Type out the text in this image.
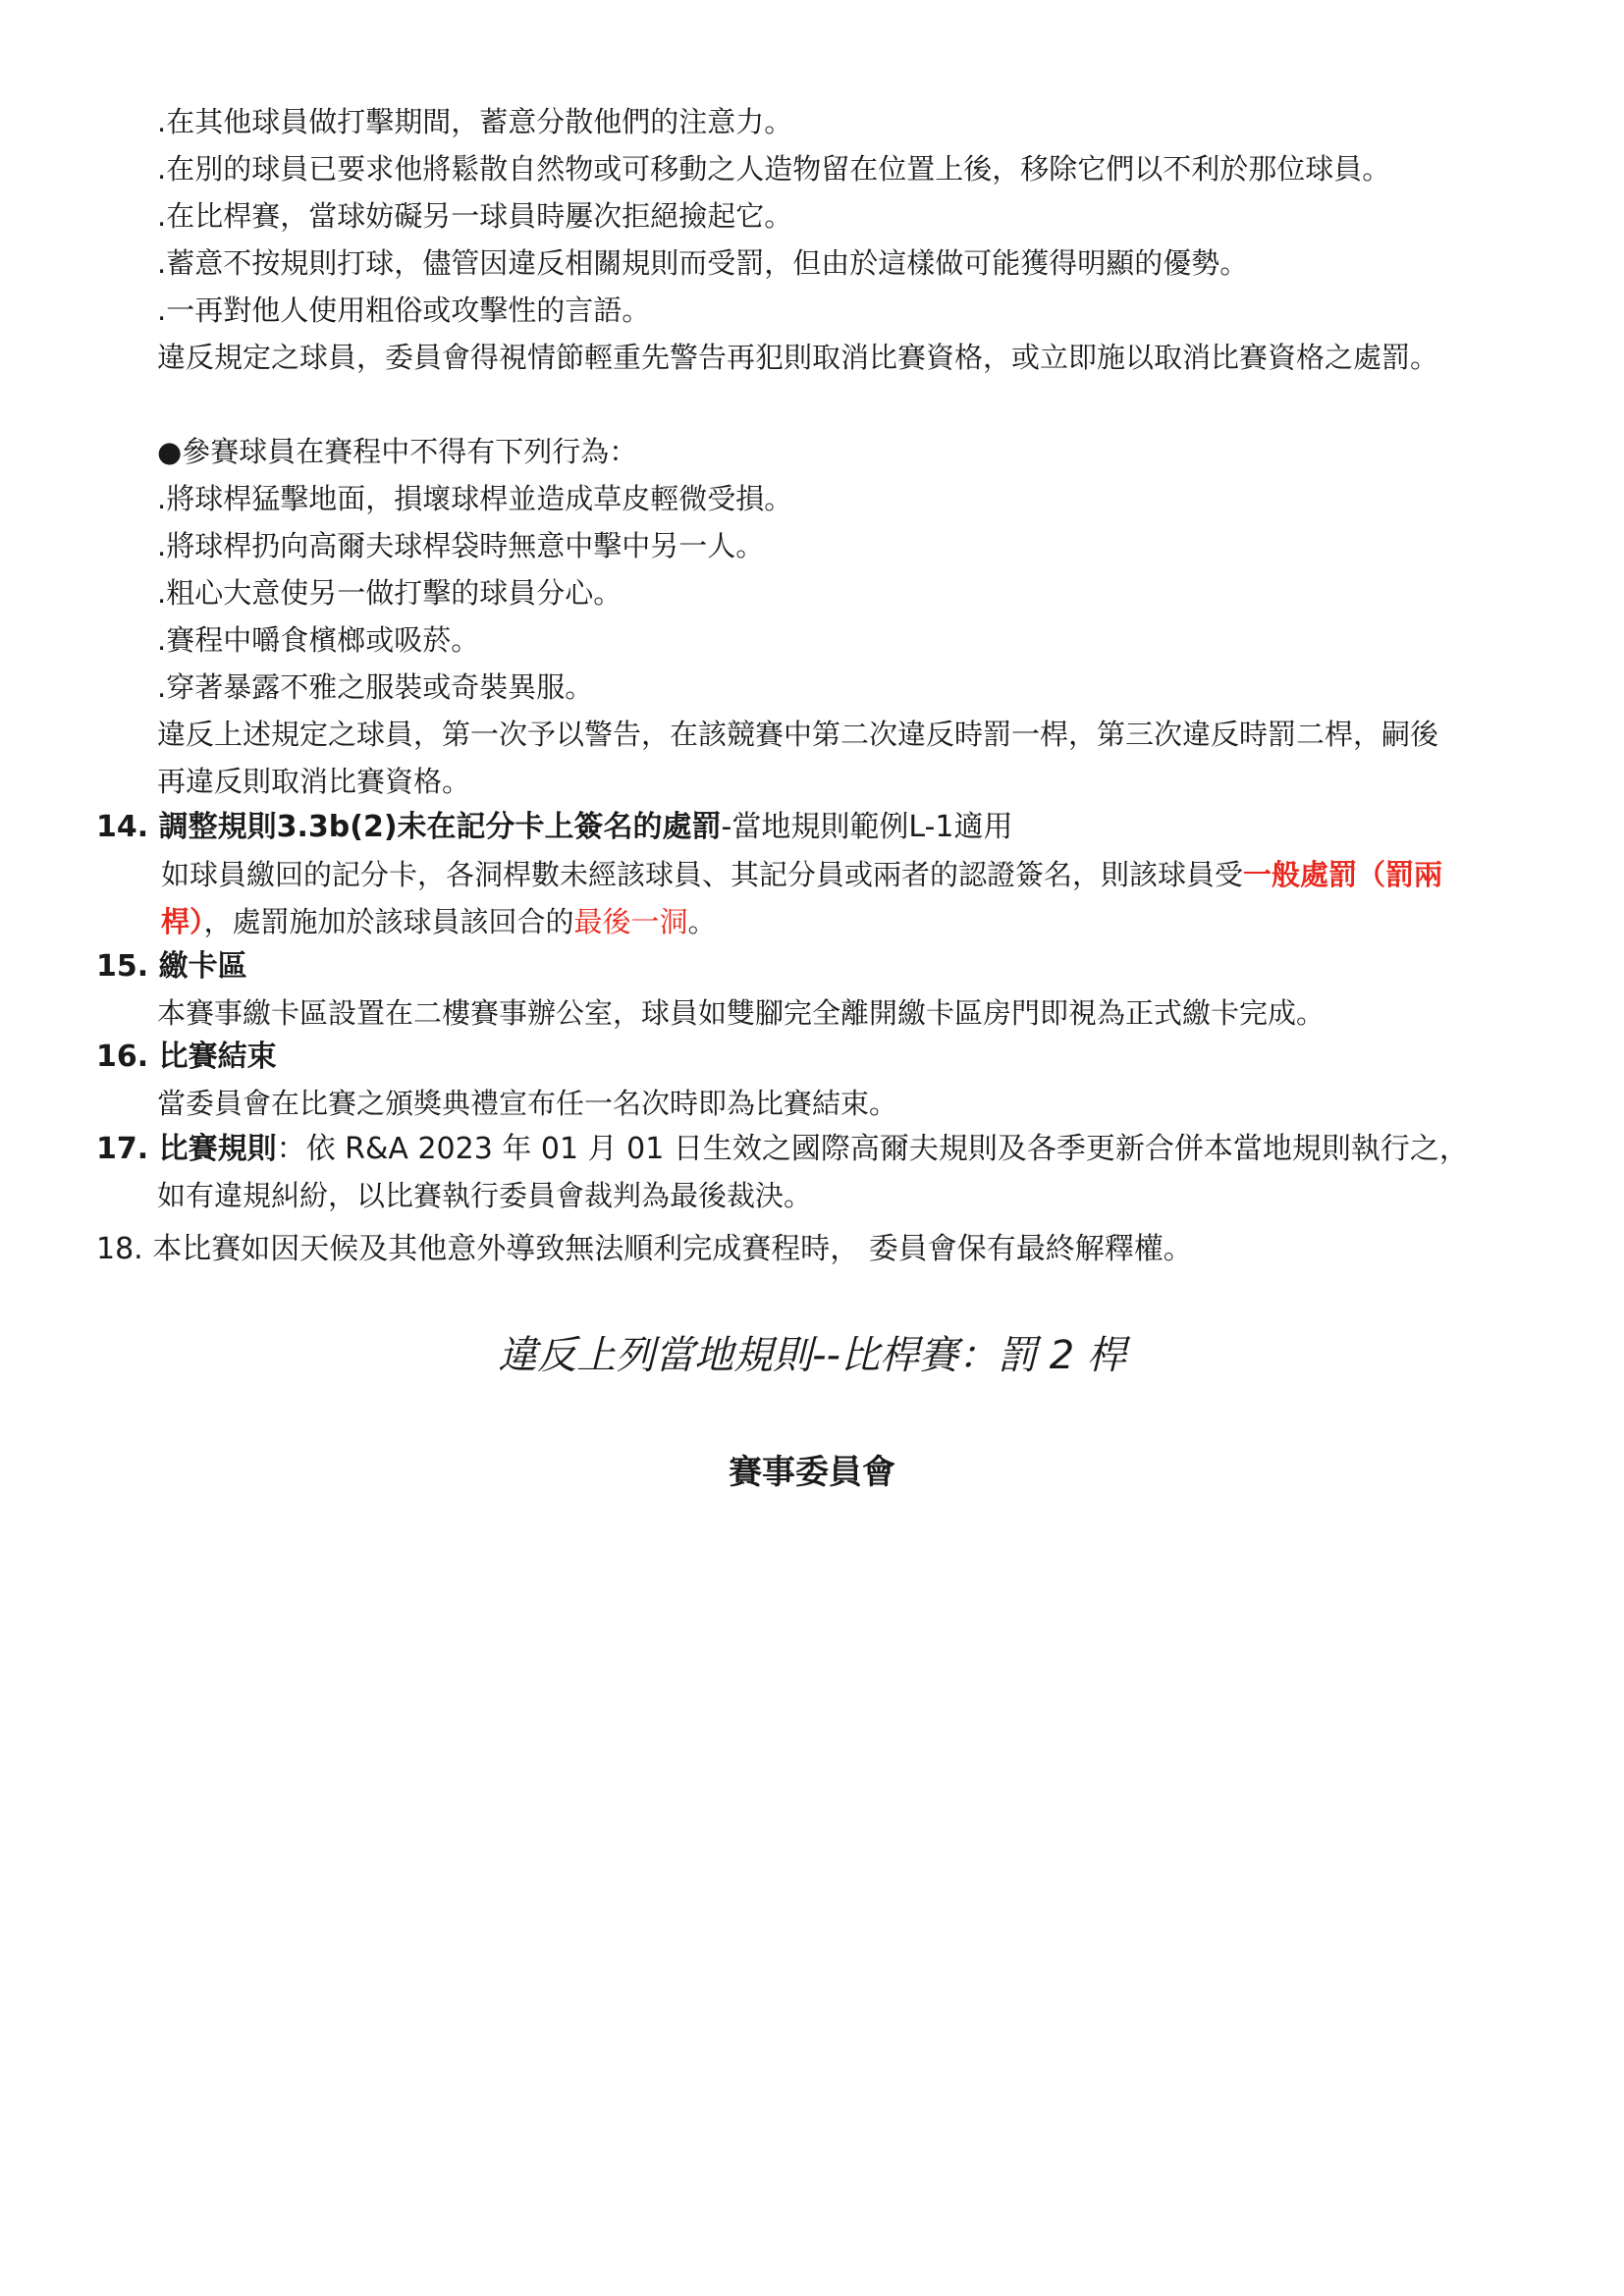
.在其他球員做打擊期間，蓄意分散他們的注意力。

.在別的球員已要求他將鬆散自然物或可移動之人造物留在位置上後，移除它們以不利於那位球員。

.在比桿賽，當球妨礙另一球員時屢次拒絕撿起它。

.蓄意不按規則打球，儘管因違反相關規則而受罰，但由於這樣做可能獲得明顯的優勢。

.一再對他人使用粗俗或攻擊性的言語。

違反規定之球員，委員會得視情節輕重先警告再犯則取消比賽資格，或立即施以取消比賽資格之處罰。

●參賽球員在賽程中不得有下列行為：

.將球桿猛擊地面，損壞球桿並造成草皮輕微受損。

.將球桿扔向高爾夫球桿袋時無意中擊中另一人。

.粗心大意使另一做打擊的球員分心。

.賽程中嚼食檳榔或吸菸。

.穿著暴露不雅之服裝或奇裝異服。

違反上述規定之球員，第一次予以警告，在該競賽中第二次違反時罰一桿，第三次違反時罰二桿，嗣後

再違反則取消比賽資格。

14. 調整規則3.3b(2)未在記分卡上簽名的處罰-當地規則範例L-1適用

如球員繳回的記分卡，各洞桿數未經該球員、其記分員或兩者的認證簽名，則該球員受一般處罰（罰兩

桿），處罰施加於該球員該回合的最後一洞。

15. 繳卡區

本賽事繳卡區設置在二樓賽事辦公室，球員如雙腳完全離開繳卡區房門即視為正式繳卡完成。

16. 比賽結束

當委員會在比賽之頒獎典禮宣布任一名次時即為比賽結束。

17. 比賽規則：依 R&A 2023 年 01 月 01 日生效之國際高爾夫規則及各季更新合併本當地規則執行之，

如有違規糾紛，以比賽執行委員會裁判為最後裁決。

18. 本比賽如因天候及其他意外導致無法順利完成賽程時， 委員會保有最終解釋權。

違反上列當地規則--比桿賽：罰 2 桿

賽事委員會
